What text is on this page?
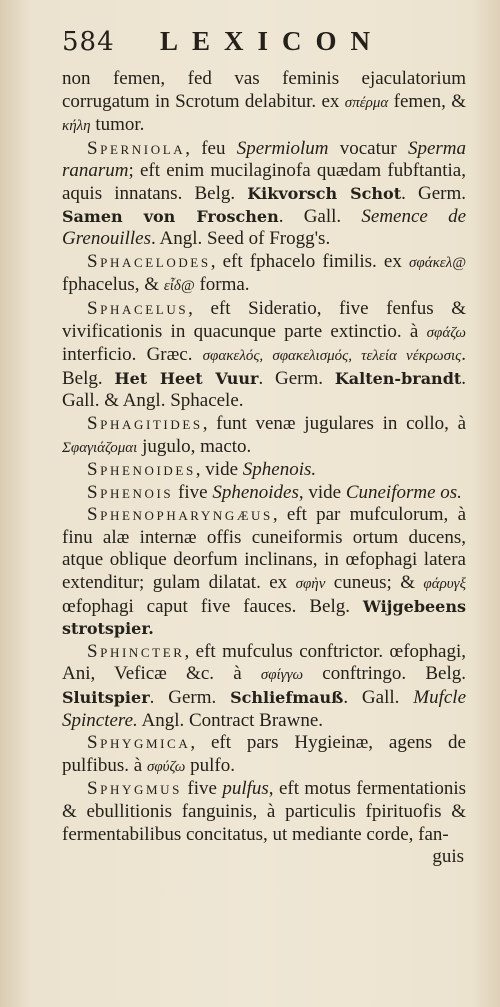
584	LEXICON

non femen, fed vas feminis ejaculatorium corrugatum in Scrotum delabitur. ex σπέρμα femen, & κήλη tumor.

Sperniola, feu Spermiolum vocatur Sperma ranarum; eft enim mucilaginofa quædam fubftantia, aquis innatans. Belg. Kikvorsch Schot. Germ. Samen von Froschen. Gall. Semence de Grenouilles. Angl. Seed of Frogg's.

Sphacelodes, eft fphacelo fimilis. ex σφάκελ@ fphacelus, & εἶδ@ forma.

Sphacelus, eft Sideratio, five fenfus & vivificationis in quacunque parte extinctio. à σφάζω interficio. Græc. σφακελός, σφακελισμός, τελεία νέκρωσις. Belg. Het Heet Vuur. Germ. Kalten-brandt. Gall. & Angl. Sphacele.

Sphagitides, funt venæ jugulares in collo, à Σφαγιάζομαι jugulo, macto.

Sphenoides, vide Sphenois.

Sphenois five Sphenoides, vide Cuneiforme os.

Sphenopharyngæus, eft par mufculorum, à finu alæ internæ offis cuneiformis ortum ducens, atque oblique deorfum inclinans, in œfophagi latera extenditur; gulam dilatat. ex σφὴν cuneus; & φάρυγξ œfophagi caput five fauces. Belg. Wijgebeens strotspier.

Sphincter, eft mufculus conftrictor. œfophagi, Ani, Veficæ &c. à σφίγγω conftringo. Belg. Sluitspier. Germ. Schliefmauß. Gall. Mufcle Spinctere. Angl. Contract Brawne.

Sphygmica, eft pars Hygieinæ, agens de pulfibus. à σφύζω pulfo.

Sphygmus five pulfus, eft motus fermentationis & ebullitionis fanguinis, à particulis fpirituofis & fermentabilibus concitatus, ut mediante corde, fan-

guis
